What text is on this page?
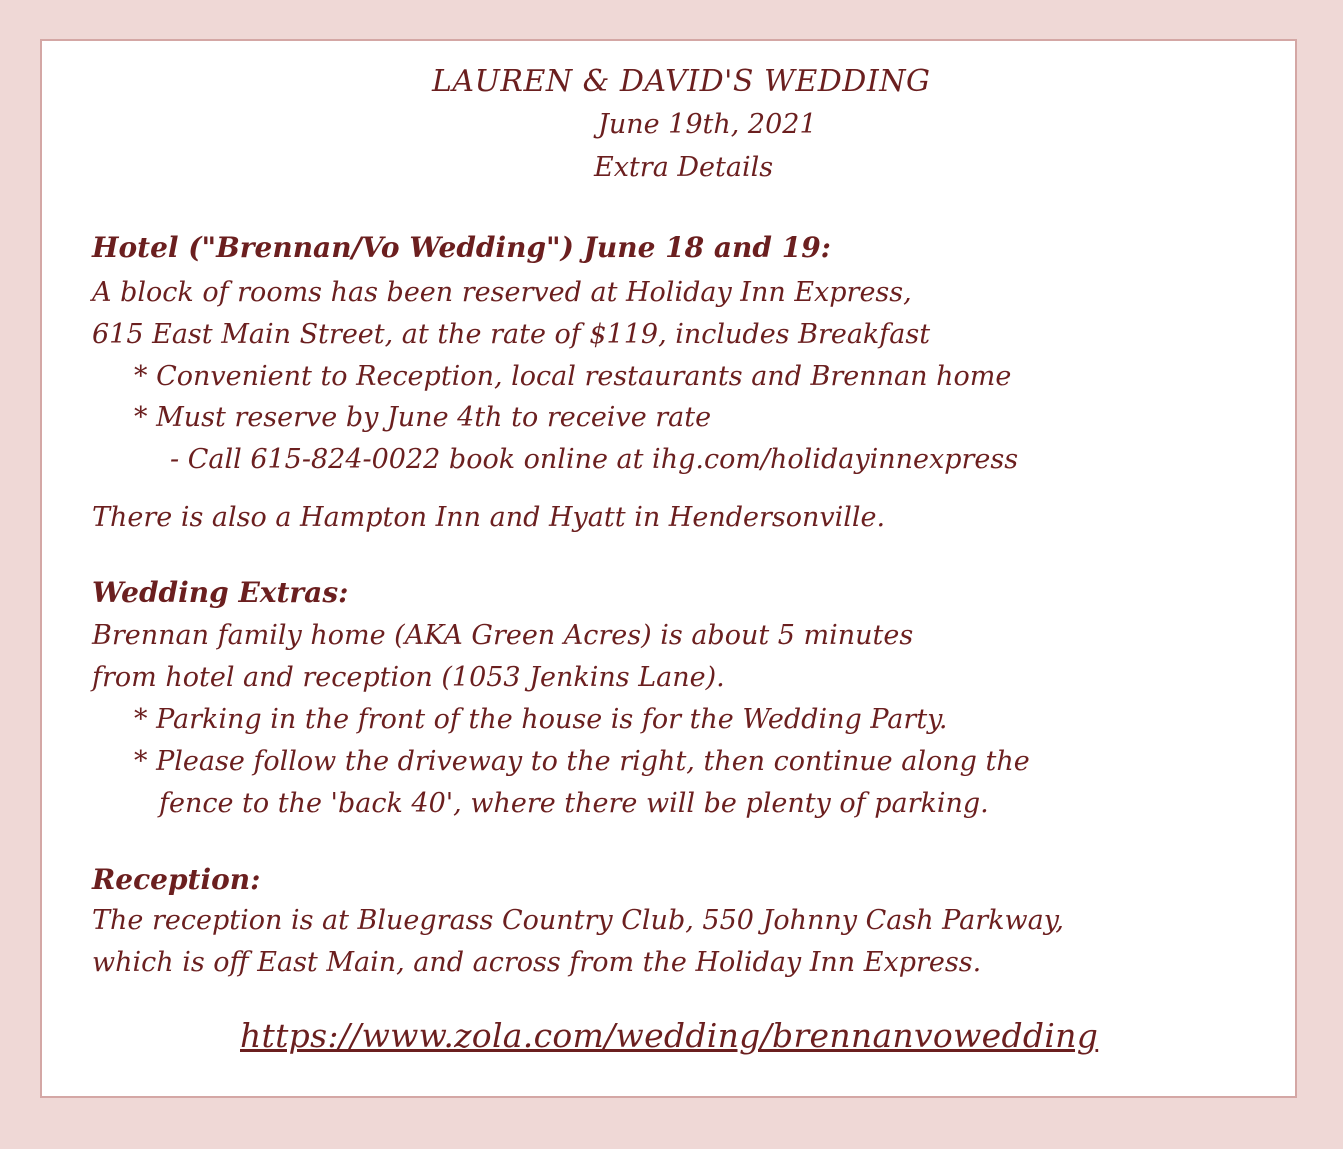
LAUREN & DAVID'S WEDDING
June 19th, 2021
Extra Details
Hotel ("Brennan/Vo Wedding") June 18 and 19:
A block of rooms has been reserved at Holiday Inn Express,
615 East Main Street, at the rate of $119, includes Breakfast
* Convenient to Reception, local restaurants and Brennan home
* Must reserve by June 4th to receive rate
- Call 615-824-0022 book online at ihg.com/holidayinnexpress
There is also a Hampton Inn and Hyatt in Hendersonville.
Wedding Extras:
Brennan family home (AKA Green Acres) is about 5 minutes
from hotel and reception (1053 Jenkins Lane).
* Parking in the front of the house is for the Wedding Party.
* Please follow the driveway to the right, then continue along the
fence to the 'back 40', where there will be plenty of parking.
Reception:
The reception is at Bluegrass Country Club, 550 Johnny Cash Parkway,
which is off East Main, and across from the Holiday Inn Express.
https://www.zola.com/wedding/brennanvowedding
